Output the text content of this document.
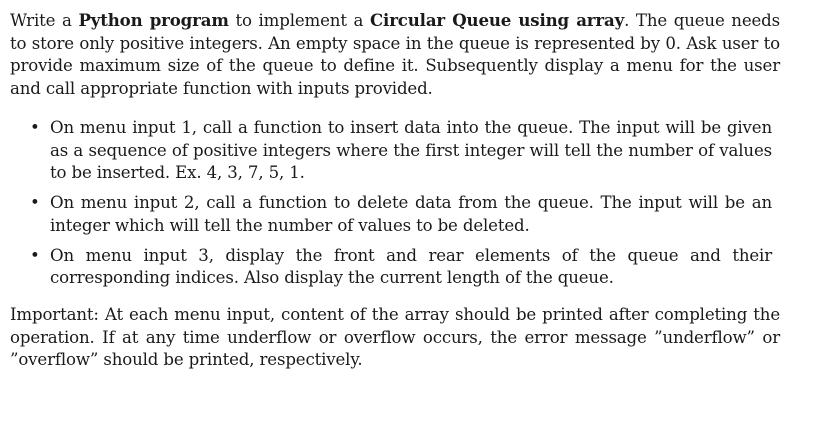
Write a Python program to implement a Circular Queue using array. The queue needs to store only positive integers. An empty space in the queue is represented by 0. Ask user to provide maximum size of the queue to define it. Subsequently display a menu for the user and call appropriate function with inputs provided.

• On menu input 1, call a function to insert data into the queue. The input will be given as a sequence of positive integers where the first integer will tell the number of values to be inserted. Ex. 4, 3, 7, 5, 1.
• On menu input 2, call a function to delete data from the queue. The input will be an integer which will tell the number of values to be deleted.
• On menu input 3, display the front and rear elements of the queue and their corresponding indices. Also display the current length of the queue.

Important: At each menu input, content of the array should be printed after completing the operation. If at any time underflow or overflow occurs, the error message ”underflow” or ”overflow” should be printed, respectively.
